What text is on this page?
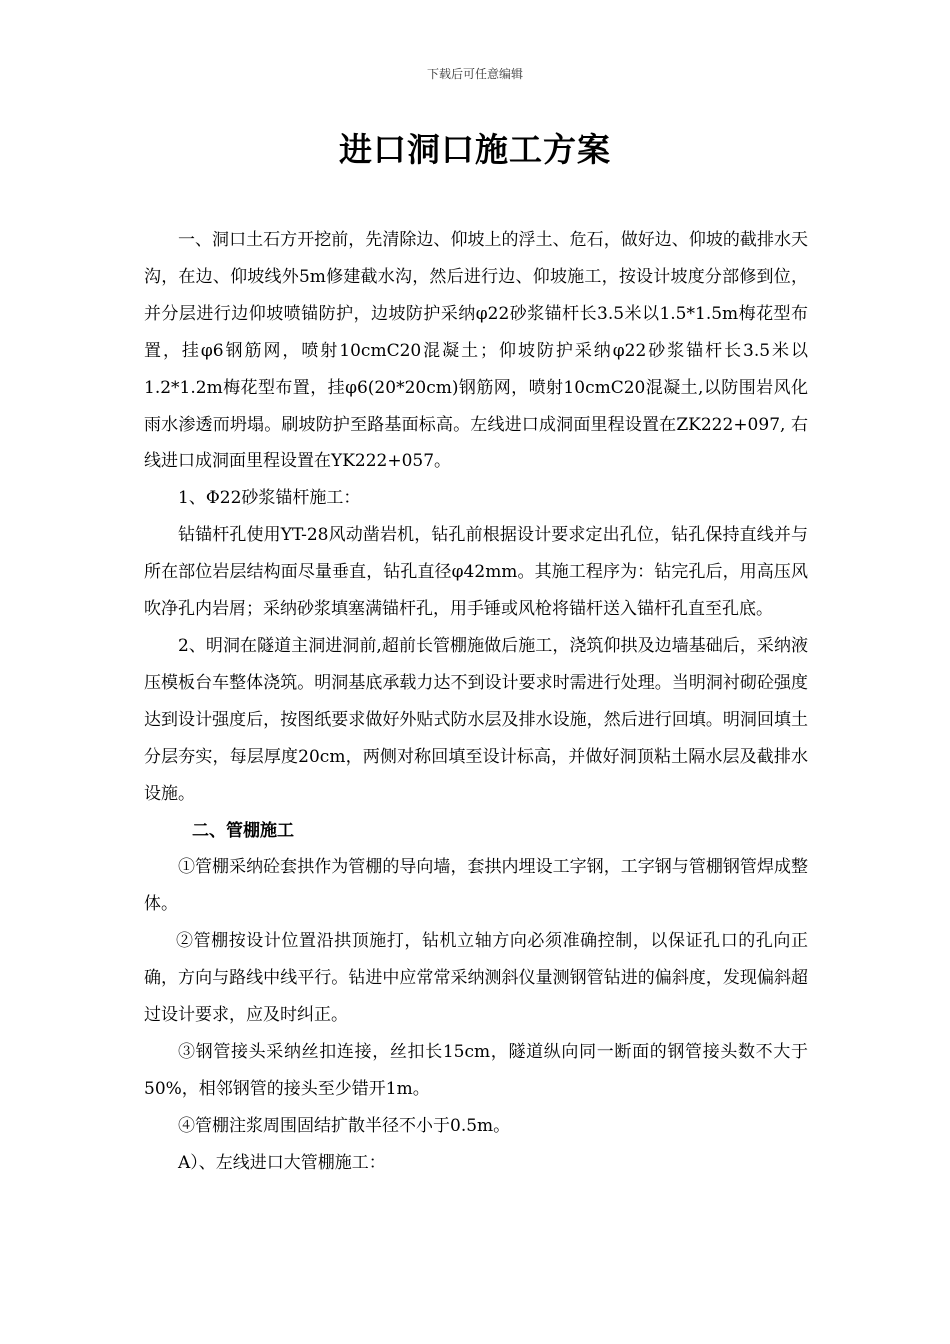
下载后可任意编辑
进口洞口施工方案

一、洞口土石方开挖前，先清除边、仰坡上的浮土、危石，做好边、仰坡的截排水天沟，在边、仰坡线外5m修建截水沟，然后进行边、仰坡施工，按设计坡度分部修到位，并分层进行边仰坡喷锚防护，边坡防护采纳φ22砂浆锚杆长3.5米以1.5*1.5m梅花型布置，挂φ6钢筋网，喷射10cmC20混凝土；仰坡防护采纳φ22砂浆锚杆长3.5米以1.2*1.2m梅花型布置，挂φ6(20*20cm)钢筋网，喷射10cmC20混凝土,以防围岩风化雨水渗透而坍塌。刷坡防护至路基面标高。左线进口成洞面里程设置在ZK222+097, 右线进口成洞面里程设置在YK222+057。

1、Φ22砂浆锚杆施工：

钻锚杆孔使用YT-28风动凿岩机，钻孔前根据设计要求定出孔位，钻孔保持直线并与所在部位岩层结构面尽量垂直，钻孔直径φ42mm。其施工程序为：钻完孔后，用高压风吹净孔内岩屑；采纳砂浆填塞满锚杆孔，用手锤或风枪将锚杆送入锚杆孔直至孔底。

2、明洞在隧道主洞进洞前,超前长管棚施做后施工，浇筑仰拱及边墙基础后，采纳液压模板台车整体浇筑。明洞基底承载力达不到设计要求时需进行处理。当明洞衬砌砼强度达到设计强度后，按图纸要求做好外贴式防水层及排水设施，然后进行回填。明洞回填土分层夯实，每层厚度20cm，两侧对称回填至设计标高，并做好洞顶粘土隔水层及截排水设施。

二、管棚施工

①管棚采纳砼套拱作为管棚的导向墙，套拱内埋设工字钢，工字钢与管棚钢管焊成整体。

②管棚按设计位置沿拱顶施打，钻机立轴方向必须准确控制，以保证孔口的孔向正确，方向与路线中线平行。钻进中应常常采纳测斜仪量测钢管钻进的偏斜度，发现偏斜超过设计要求，应及时纠正。

③钢管接头采纳丝扣连接，丝扣长15cm，隧道纵向同一断面的钢管接头数不大于50%，相邻钢管的接头至少错开1m。

④管棚注浆周围固结扩散半径不小于0.5m。

A）、左线进口大管棚施工：
